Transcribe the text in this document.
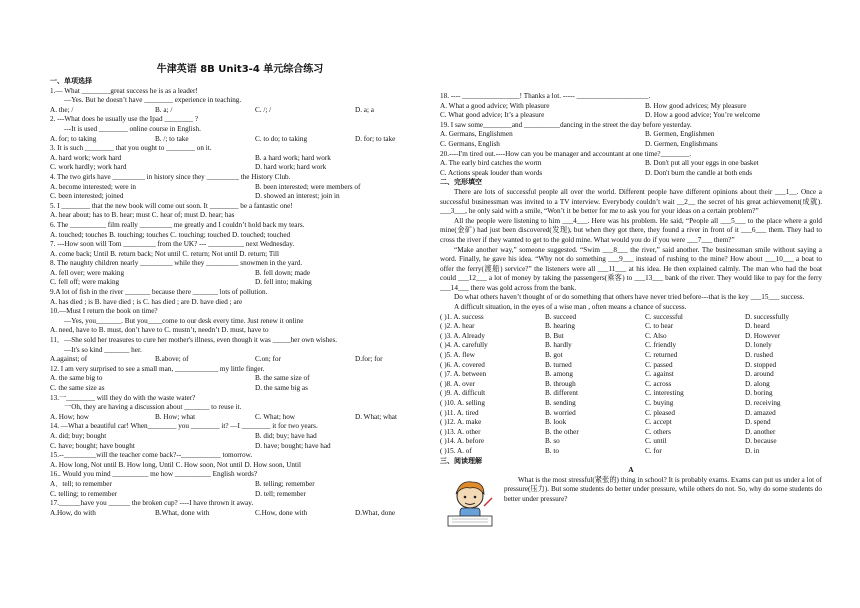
牛津英语 8B Unit3-4 单元综合练习
一、单项选择
1.— What ________great success he is as a leader!
—Yes. But he doesn’t have ________ experience in teaching.
A. the; /	B. a; /	C. /; /	D. a; a
2. ---What does he usually use the Ipad ________ ?
---It is used ________ online course in English.
A. for; to taking	B. /; to take	C. to do; to taking	D. for; to take
3. It is such ________ that you ought to ________ on it.
A. hard work; work hard	B. a hard work; hard work
C. work hardly; work hard	D. hard work; hard work
4. The two girls have _________ in history since they _________ the History Club.
A. become interested; were in	B. been interested; were members of
C. been interested; joined	D. showed an interest; join in
5. I ________ that the new book will come out soon. It ________ be a fantastic one!
A. hear about; has to B. hear; must C. hear of; must D. hear; has
6. The __________ film really _________ me greatly and I couldn’t hold back my tears.
A. touched; touches B. touching; touches C. touching; touched D. touched; touched
7. ---How soon will Tom _________ from the UK? --- __________ next Wednesday.
A. come back; Until B. return back; Not until C. return; Not until D. return; Till
8. The naughty children nearly _________ while they _________ snowmen in the yard.
A. fell over; were making	B. fell down; made
C. fell off; were making	D. fell into; making
9.A lot of fish in the river _______ because there _______ lots of pollution.
A. has died ; is B. have died ; is C. has died ; are D. have died ; are
10.—Must I return the book on time?
—Yes, you_______. But you____come to our desk every time. Just renew it online
A. need, have to B. must, don’t have to C. mustn’t, needn’t D. must, have to
11．—She sold her treasures to cure her mother's illness, even though it was _____her own wishes.
—It's so kind _______ her.
A.against; of	B.above; of	C.on; for	D.for; for
12. I am very surprised to see a small man, ____________ my little finger.
A. the same big to	B. the same size of
C. the same size as	D. the same big as
13.一________ will they do with the waste water?
一Oh, they are having a discussion about _______ to reuse it.
A. How; how	B. How; what	C. What; how	D. What; what
14. —What a beautiful car! When________ you ________ it? —I ________ it for two years.
A. did; buy; bought	B. did; buy; have had
C. have; bought; have bought	D. have; bought; have had
15.--_________will the teacher come back?--___________ tomorrow.
A. How long, Not until B. How long, Until C. How soon, Not until D. How soon, Until
16.. Would you mind __________ me how __________ English words?
A．tell; to remember	B. telling; remember
C. telling; to remember	D. tell; remember
17.______have you ______ the broken cup? ----I have thrown it away.
A.How, do with	B.What, done with	C.How, done with	D.What, done
18. ---- ________________! Thanks a lot. ----- ____________________.
A. What a good advice; With pleasure	B. How good advices; My pleasure
C. What good advice; It’s a pleasure	D. How a good advice; You’re welcome
19. I saw some________and __________dancing in the street the day before yesterday.
A. Germans, Englishmen	B. Germen, Englishmen
C. Germans, English	D. Germen, Englishmans
20.----I'm tired out.----How can you be manager and accountant at one time?________.
A. The early bird catches the worm	B. Don't put all your eggs in one basket
C. Actions speak louder than words	D. Don't burn the candle at both ends
二、完形填空
There are lots of successful people all over the world. Different people have different opinions about their ___1__. Once a successful businessman was invited to a TV interview. Everybody couldn’t wait __2__ the secret of his great achievement(成就). ___3___, he only said with a smile, “Won’t it be better for me to ask you for your ideas on a certain problem?”
All the people were listening to him ___4___. Here was his problem. He said, “People all ___5___ to the place where a gold mine(金矿) had just been discovered(发现), but when they got there, they found a river in front of it ___6___ them. They had to cross the river if they wanted to get to the gold mine. What would you do if you were ___7___ them?”
“Make another way,” someone suggested. “Swim ___8___ the river,” said another. The businessman smile without saying a word. Finally, he gave his idea. “Why not do something ___9___ instead of rushing to the mine? How about ___10___ a boat to offer the ferry(渡船) service?” the listeners were all ___11___ at his idea. He then explained calmly. The man who had the boat could ___12___ a lot of money by taking the passengers(乘客) to ___13___ bank of the river. They would like to pay for the ferry ___14___ there was gold across from the bank.
Do what others haven’t thought of or do something that others have never tried before---that is the key ___15___ success.
A difficult situation, in the eyes of a wise man , often means a chance of success.
( )1. A. success	B. succeed	C. successful	D. successfully
( )2. A. hear	B. hearing	C. to hear	D. heard
( )3. A. Already	B. But	C. Also	D. However
( )4. A. carefully	B. hardly	C. friendly	D. lonely
( )5. A. flew	B. got	C. returned	D. rushed
( )6. A. covered	B. turned	C. passed	D. stopped
( )7. A. between	B. among	C. against	D. around
( )8. A. over	B. through	C. across	D. along
( )9. A. difficult	B. different	C. interesting	D. boring
( )10. A. selling	B. sending	C. buying	D. receiving
( )11. A. tired	B. worried	C. pleased	D. amazed
( )12. A. make	B. look	C. accept	D. spend
( )13. A. other	B. the other	C. others	D. another
( )14. A. before	B. so	C. until	D. because
( )15. A. of	B. to	C. for	D. in
三、阅读理解
A
What is the most stressful(紧张的) thing in school? It is probably exams. Exams can put us under a lot of pressure(压力). But some students do better under pressure, while others do not. So, why do some students do better under pressure?
